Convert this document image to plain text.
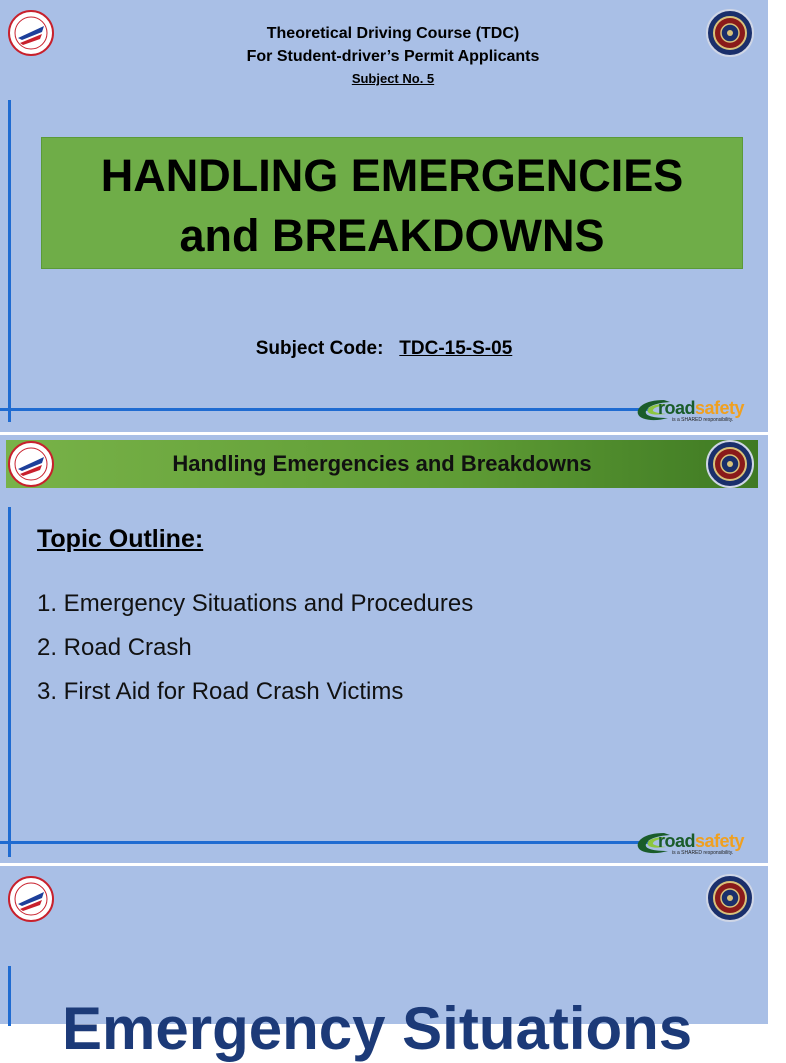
Theoretical Driving Course (TDC)
For Student-driver’s Permit Applicants
Subject No. 5
HANDLING EMERGENCIES
and BREAKDOWNS
Subject Code: TDC-15-S-05
roadsafety
is a SHARED responsibility.
Handling Emergencies and Breakdowns
Topic Outline:
1. Emergency Situations and Procedures
2. Road Crash
3. First Aid for Road Crash Victims
roadsafety
is a SHARED responsibility.
Emergency Situations
